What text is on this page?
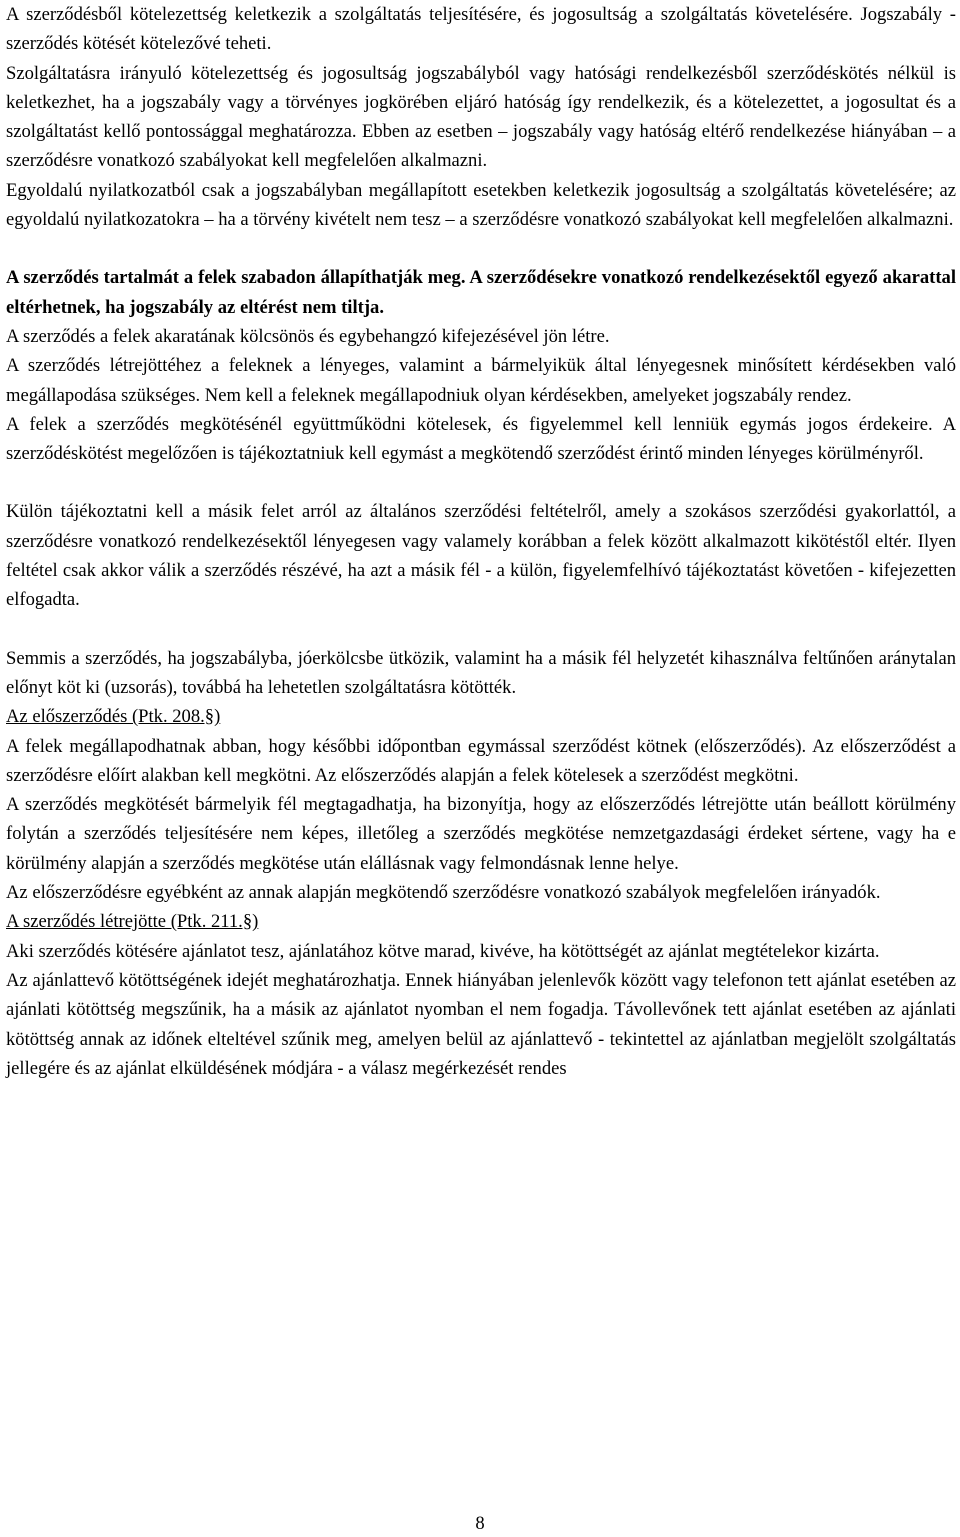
A szerződésből kötelezettség keletkezik a szolgáltatás teljesítésére, és jogosultság a szolgáltatás követelésére. Jogszabály - szerződés kötését kötelezővé teheti.

Szolgáltatásra irányuló kötelezettség és jogosultság jogszabályból vagy hatósági rendelkezésből szerződéskötés nélkül is keletkezhet, ha a jogszabály vagy a törvényes jogkörében eljáró hatóság így rendelkezik, és a kötelezettet, a jogosultat és a szolgáltatást kellő pontossággal meghatározza. Ebben az esetben – jogszabály vagy hatóság eltérő rendelkezése hiányában – a szerződésre vonatkozó szabályokat kell megfelelően alkalmazni.

Egyoldalú nyilatkozatból csak a jogszabályban megállapított esetekben keletkezik jogosultság a szolgáltatás követelésére; az egyoldalú nyilatkozatokra – ha a törvény kivételt nem tesz – a szerződésre vonatkozó szabályokat kell megfelelően alkalmazni.

A szerződés tartalmát a felek szabadon állapíthatják meg. A szerződésekre vonatkozó rendelkezésektől egyező akarattal eltérhetnek, ha jogszabály az eltérést nem tiltja.

A szerződés a felek akaratának kölcsönös és egybehangzó kifejezésével jön létre.

A szerződés létrejöttéhez a feleknek a lényeges, valamint a bármelyikük által lényegesnek minősített kérdésekben való megállapodása szükséges. Nem kell a feleknek megállapodniuk olyan kérdésekben, amelyeket jogszabály rendez.

A felek a szerződés megkötésénél együttműködni kötelesek, és figyelemmel kell lenniük egymás jogos érdekeire. A szerződéskötést megelőzően is tájékoztatniuk kell egymást a megkötendő szerződést érintő minden lényeges körülményről.

Külön tájékoztatni kell a másik felet arról az általános szerződési feltételről, amely a szokásos szerződési gyakorlattól, a szerződésre vonatkozó rendelkezésektől lényegesen vagy valamely korábban a felek között alkalmazott kikötéstől eltér. Ilyen feltétel csak akkor válik a szerződés részévé, ha azt a másik fél - a külön, figyelemfelhívó tájékoztatást követően - kifejezetten elfogadta.

Semmis a szerződés, ha jogszabályba, jóerkölcsbe ütközik, valamint ha a másik fél helyzetét kihasználva feltűnően aránytalan előnyt köt ki (uzsorás), továbbá ha lehetetlen szolgáltatásra kötötték.

Az előszerződés (Ptk. 208.§)

A felek megállapodhatnak abban, hogy későbbi időpontban egymással szerződést kötnek (előszerződés). Az előszerződést a szerződésre előírt alakban kell megkötni. Az előszerződés alapján a felek kötelesek a szerződést megkötni.

A szerződés megkötését bármelyik fél megtagadhatja, ha bizonyítja, hogy az előszerződés létrejötte után beállott körülmény folytán a szerződés teljesítésére nem képes, illetőleg a szerződés megkötése nemzetgazdasági érdeket sértene, vagy ha e körülmény alapján a szerződés megkötése után elállásnak vagy felmondásnak lenne helye.

Az előszerződésre egyébként az annak alapján megkötendő szerződésre vonatkozó szabályok megfelelően irányadók.

A szerződés létrejötte (Ptk. 211.§)

Aki szerződés kötésére ajánlatot tesz, ajánlatához kötve marad, kivéve, ha kötöttségét az ajánlat megtételekor kizárta.

Az ajánlattevő kötöttségének idejét meghatározhatja. Ennek hiányában jelenlevők között vagy telefonon tett ajánlat esetében az ajánlati kötöttség megszűnik, ha a másik az ajánlatot nyomban el nem fogadja. Távollevőnek tett ajánlat esetében az ajánlati kötöttség annak az időnek elteltével szűnik meg, amelyen belül az ajánlattevő - tekintettel az ajánlatban megjelölt szolgáltatás jellegére és az ajánlat elküldésének módjára - a válasz megérkezését rendes

8
